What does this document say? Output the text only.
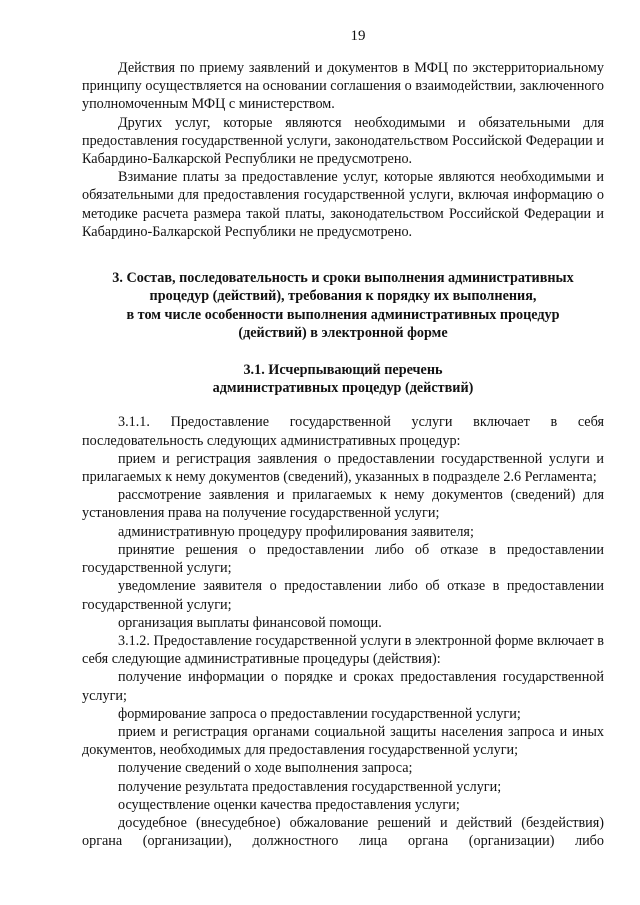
19

Действия по приему заявлений и документов в МФЦ по экстерриториальному принципу осуществляется на основании соглашения о взаимодействии, заключенного уполномоченным МФЦ с министерством.

Других услуг, которые являются необходимыми и обязательными для предоставления государственной услуги, законодательством Российской Федерации и Кабардино-Балкарской Республики не предусмотрено.

Взимание платы за предоставление услуг, которые являются необходимыми и обязательными для предоставления государственной услуги, включая информацию о методике расчета размера такой платы, законодательством Российской Федерации и Кабардино-Балкарской Республики не предусмотрено.

3. Состав, последовательность и сроки выполнения административных
процедур (действий), требования к порядку их выполнения,
в том числе особенности выполнения административных процедур
(действий) в электронной форме
3.1. Исчерпывающий перечень
административных процедур (действий)

3.1.1. Предоставление государственной услуги включает в себя последовательность следующих административных процедур:

прием и регистрация заявления о предоставлении государственной услуги и прилагаемых к нему документов (сведений), указанных в подразделе 2.6 Регламента;

рассмотрение заявления и прилагаемых к нему документов (сведений) для установления права на получение государственной услуги;

административную процедуру профилирования заявителя;

принятие решения о предоставлении либо об отказе в предоставлении государственной услуги;

уведомление заявителя о предоставлении либо об отказе в предоставлении государственной услуги;

организация выплаты финансовой помощи.

3.1.2. Предоставление государственной услуги в электронной форме включает в себя следующие административные процедуры (действия):

получение информации о порядке и сроках предоставления государственной услуги;

формирование запроса о предоставлении государственной услуги;

прием и регистрация органами социальной защиты населения запроса и иных документов, необходимых для предоставления государственной услуги;

получение сведений о ходе выполнения запроса;

получение результата предоставления государственной услуги;

осуществление оценки качества предоставления услуги;

досудебное (внесудебное) обжалование решений и действий (бездействия) органа (организации), должностного лица органа (организации) либо
